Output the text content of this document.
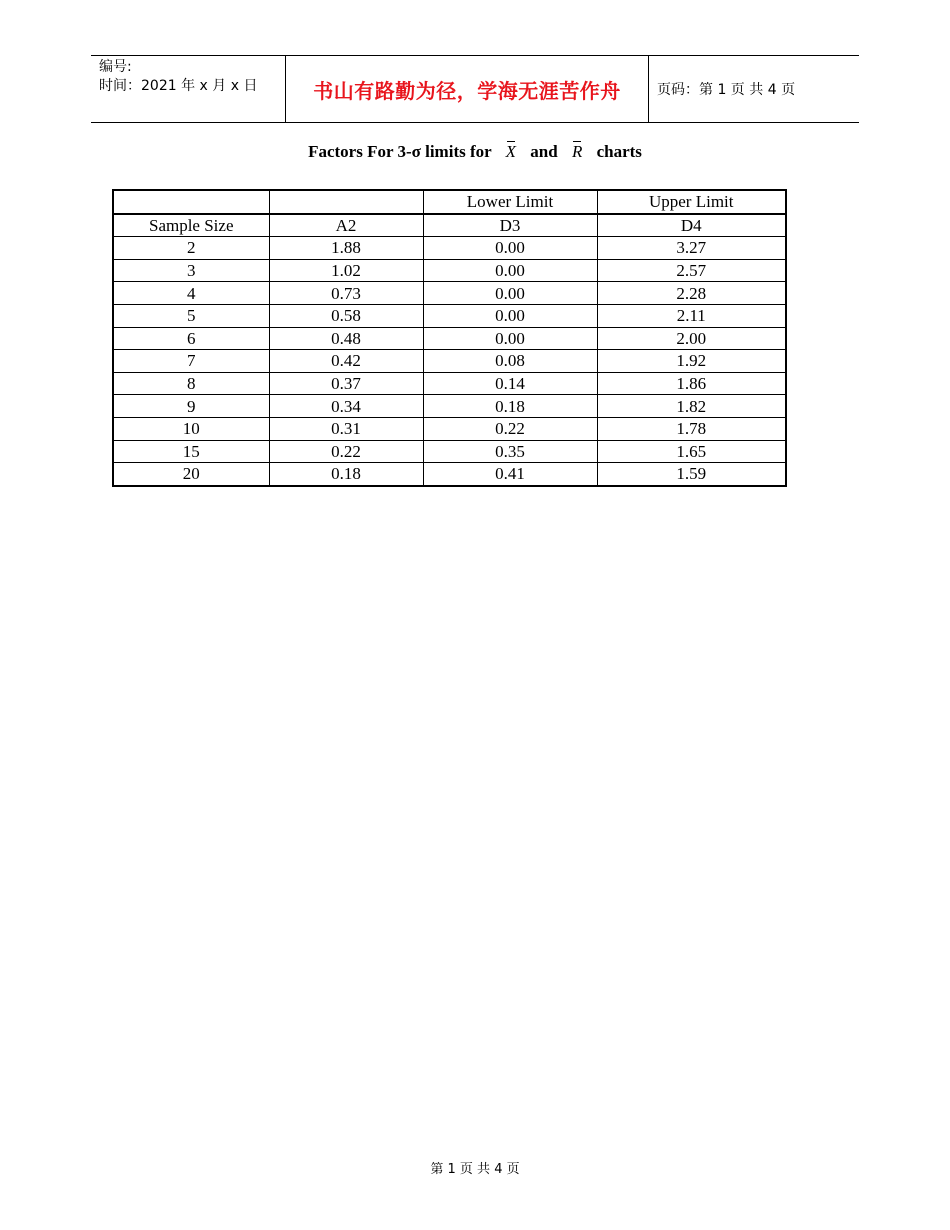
编号:
时间：2021 年 x 月 x 日	书山有路勤为径，学海无涯苦作舟	页码：第 1 页 共 4 页
Factors For 3-σ limits for X and R charts
		Lower Limit	Upper Limit
Sample Size	A2	D3	D4
2	1.88	0.00	3.27
3	1.02	0.00	2.57
4	0.73	0.00	2.28
5	0.58	0.00	2.11
6	0.48	0.00	2.00
7	0.42	0.08	1.92
8	0.37	0.14	1.86
9	0.34	0.18	1.82
10	0.31	0.22	1.78
15	0.22	0.35	1.65
20	0.18	0.41	1.59
第 1 页 共 4 页
